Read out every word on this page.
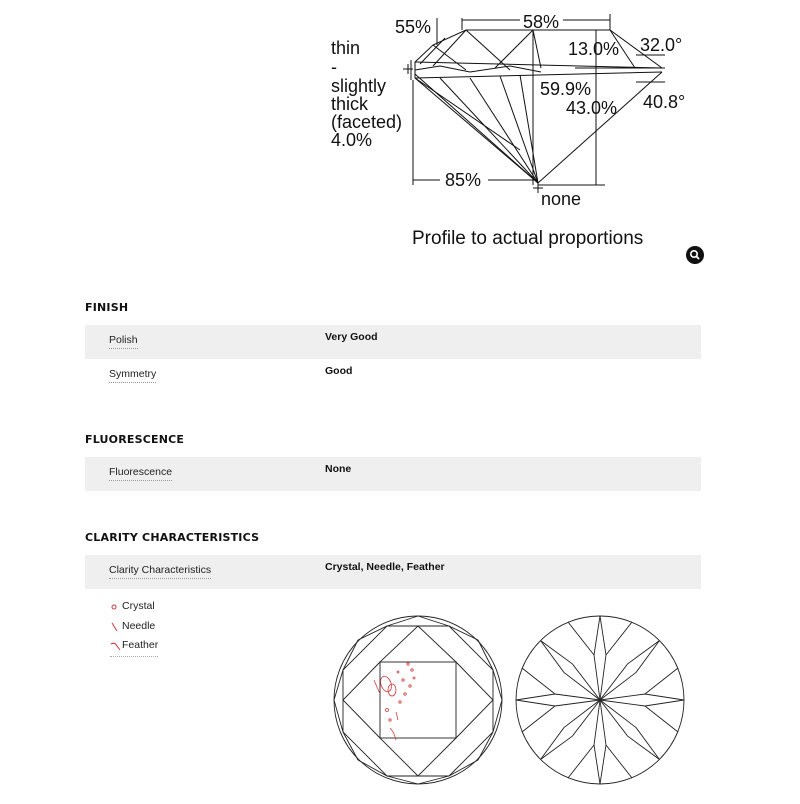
thin
-
slightly
thick
(faceted)
4.0%
55%	58%
13.0% 32.0°
59.9%
43.0% 40.8°
85%
none
Profile to actual proportions
FINISH
Polish	Very Good
Symmetry	Good
FLUORESCENCE
Fluorescence	None
CLARITY CHARACTERISTICS
Clarity Characteristics	Crystal, Needle, Feather
Crystal
Needle
Feather
